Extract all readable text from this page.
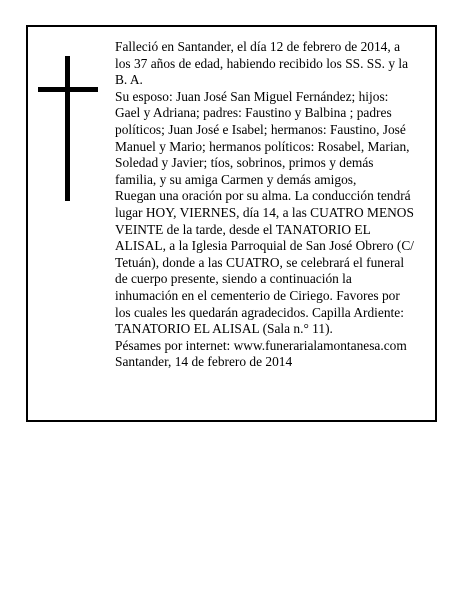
Falleció en Santander, el día 12 de febrero de 2014, a los 37 años de edad, habiendo recibido los SS. SS. y la B. A.

Su esposo: Juan José San Miguel Fernández; hijos: Gael y Adriana; padres: Faustino y Balbina ; padres políticos; Juan José e Isabel; hermanos: Faustino, José Manuel y Mario; hermanos políticos: Rosabel, Marian, Soledad y Javier; tíos, sobrinos, primos y demás familia, y su amiga Carmen y demás amigos,

Ruegan una oración por su alma. La conducción tendrá lugar HOY, VIERNES, día 14, a las CUATRO MENOS VEINTE de la tarde, desde el TANATORIO EL ALISAL, a la Iglesia Parroquial de San José Obrero (C/ Tetuán), donde a las CUATRO, se celebrará el funeral de cuerpo presente, siendo a continuación la inhumación en el cementerio de Ciriego. Favores por los cuales les quedarán agradecidos. Capilla Ardiente: TANATORIO EL ALISAL (Sala n.° 11).

Pésames por internet: www.funerarialamontanesa.com

Santander, 14 de febrero de 2014
